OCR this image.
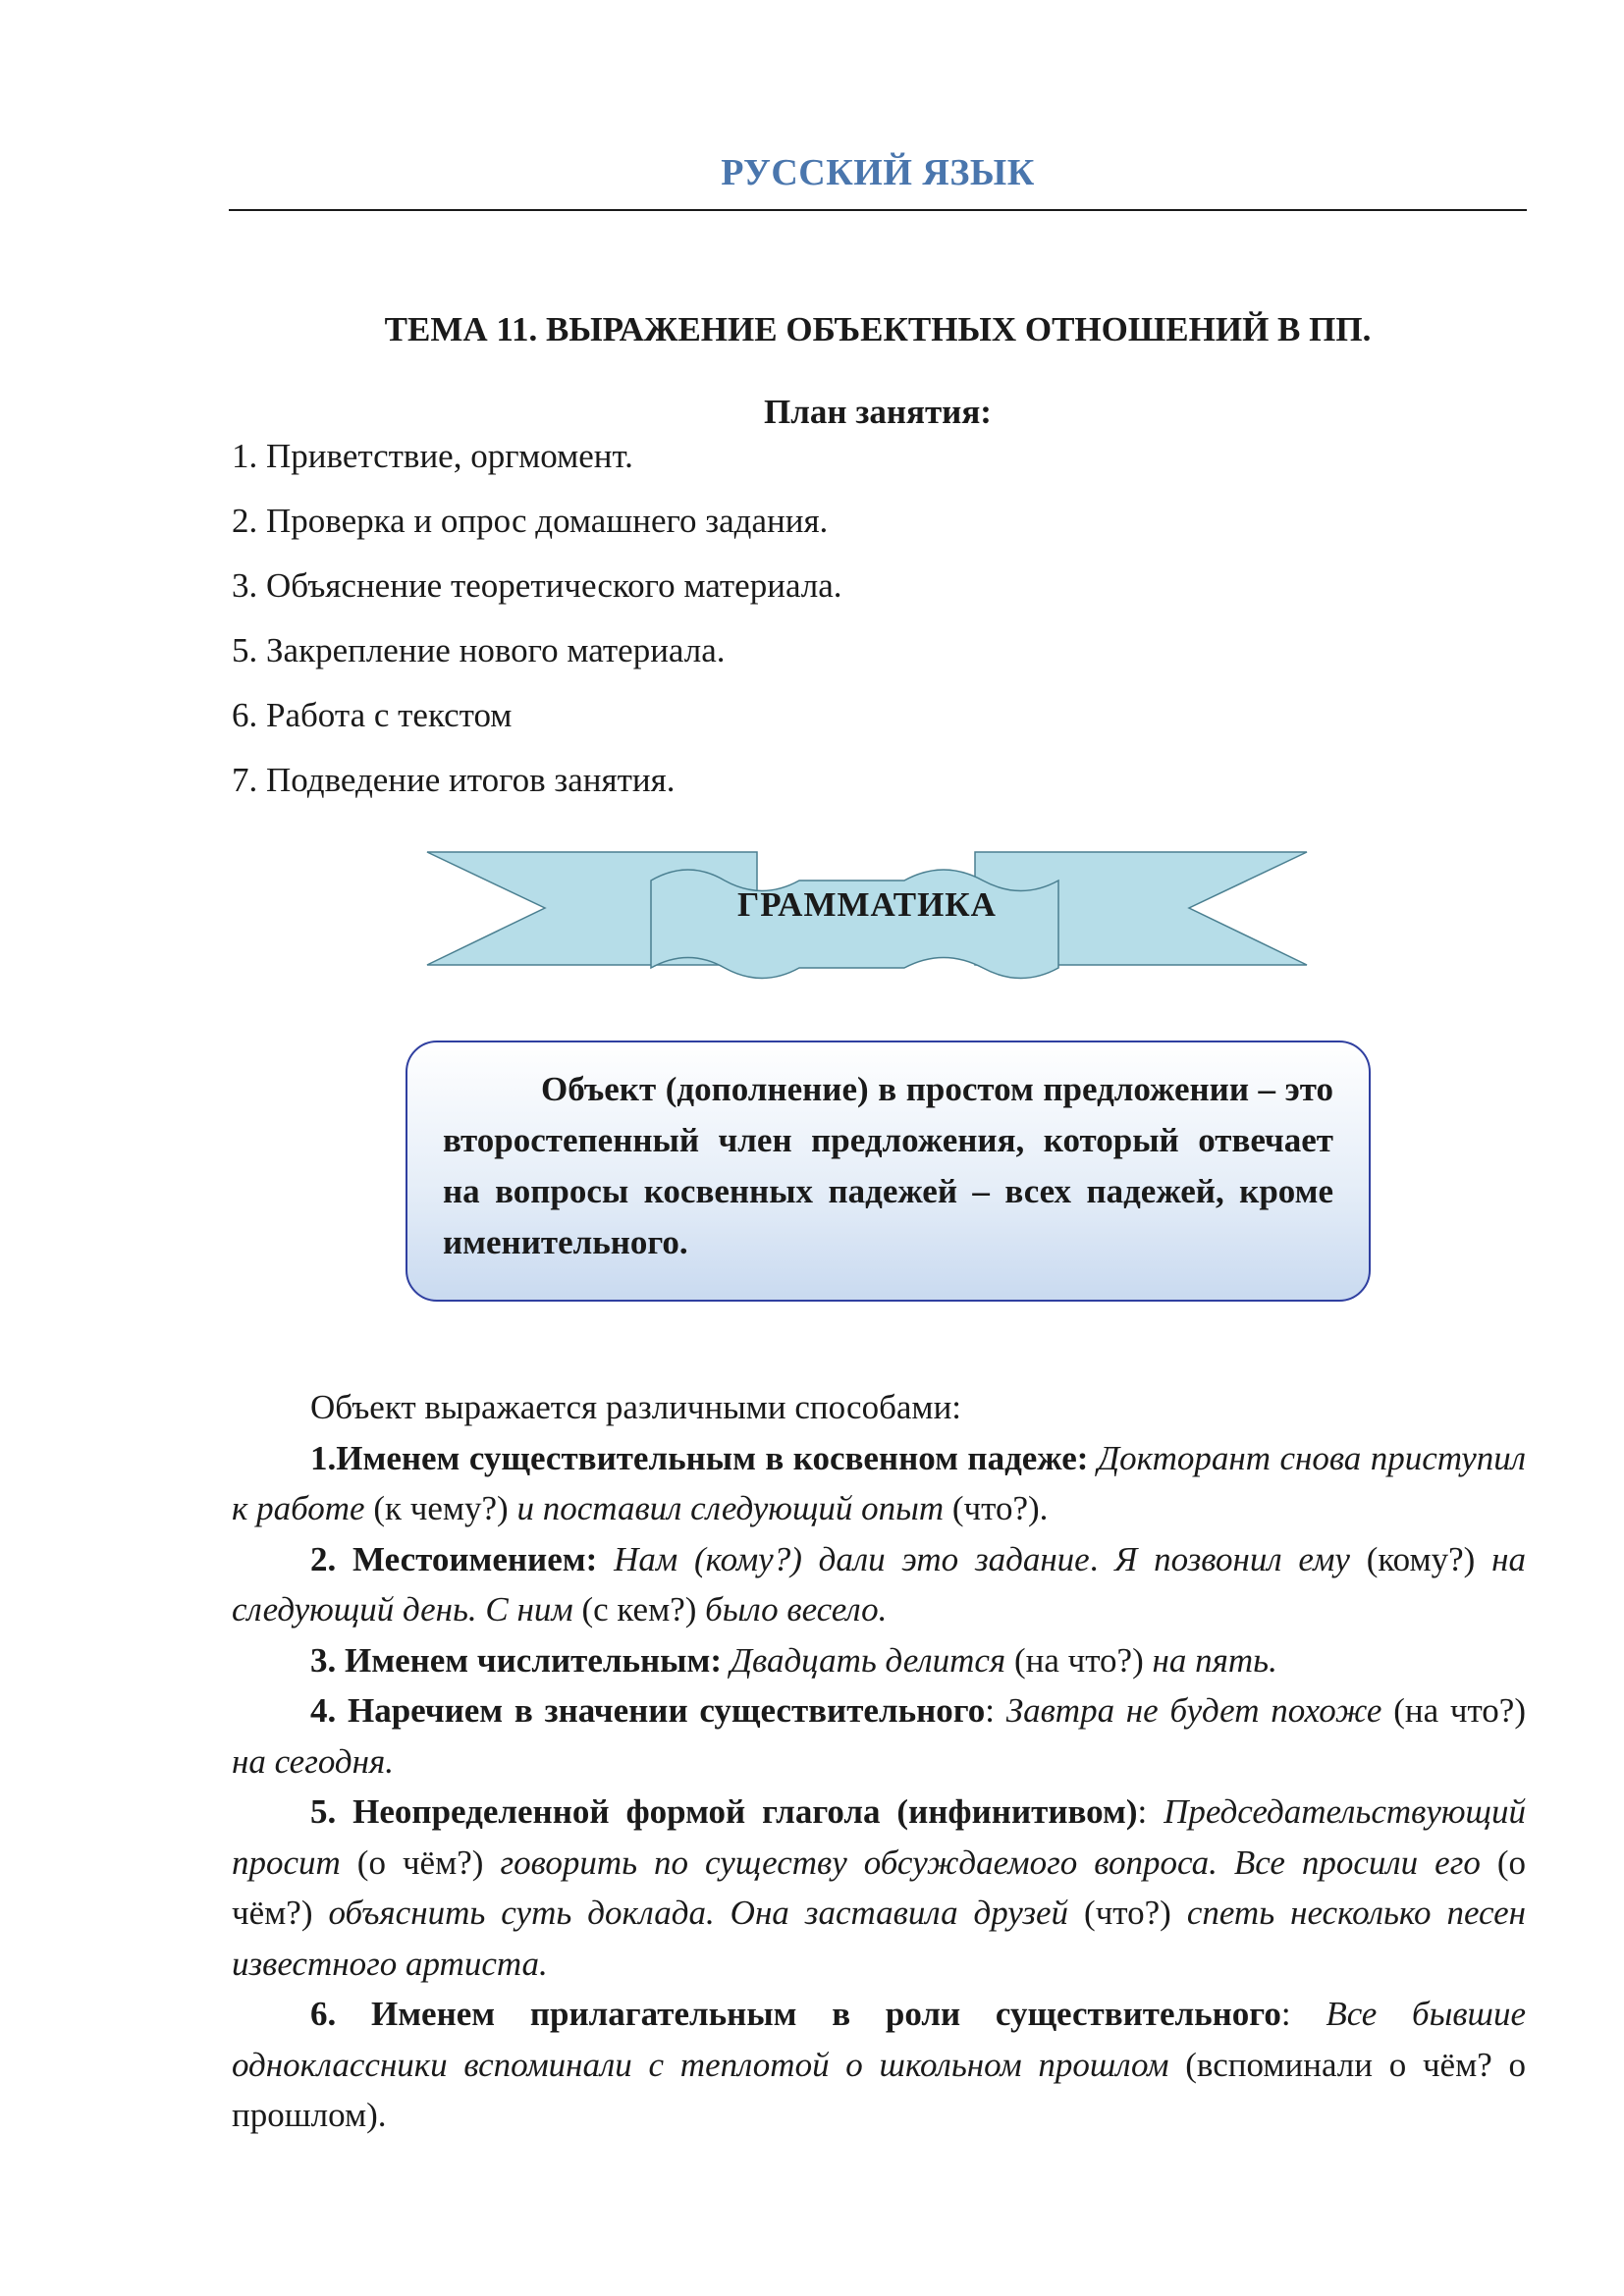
РУССКИЙ ЯЗЫК
ТЕМА 11. ВЫРАЖЕНИЕ ОБЪЕКТНЫХ ОТНОШЕНИЙ В ПП.
План занятия:
1. Приветствие, оргмомент.
2. Проверка и опрос домашнего задания.
3. Объяснение теоретического материала.
5. Закрепление нового материала.
6. Работа с текстом
7. Подведение итогов занятия.
ГРАММАТИКА

Объект (дополнение) в простом предложении – это второстепенный член предложения, который отвечает на вопросы косвенных падежей – всех падежей, кроме именительного.

Объект выражается различными способами:

1.Именем существительным в косвенном падеже: Докторант снова приступил к работе (к чему?) и поставил следующий опыт (что?).

2. Местоимением: Нам (кому?) дали это задание. Я позвонил ему (кому?) на следующий день. С ним (с кем?) было весело.

3. Именем числительным: Двадцать делится (на что?) на пять.

4. Наречием в значении существительного: Завтра не будет похоже (на что?) на сегодня.

5. Неопределенной формой глагола (инфинитивом): Председательствующий просит (о чём?) говорить по существу обсуждаемого вопроса. Все просили его (о чём?) объяснить суть доклада. Она заставила друзей (что?) спеть несколько песен известного артиста.

6. Именем прилагательным в роли существительного: Все бывшие одноклассники вспоминали с теплотой о школьном прошлом (вспоминали о чём? о прошлом).
